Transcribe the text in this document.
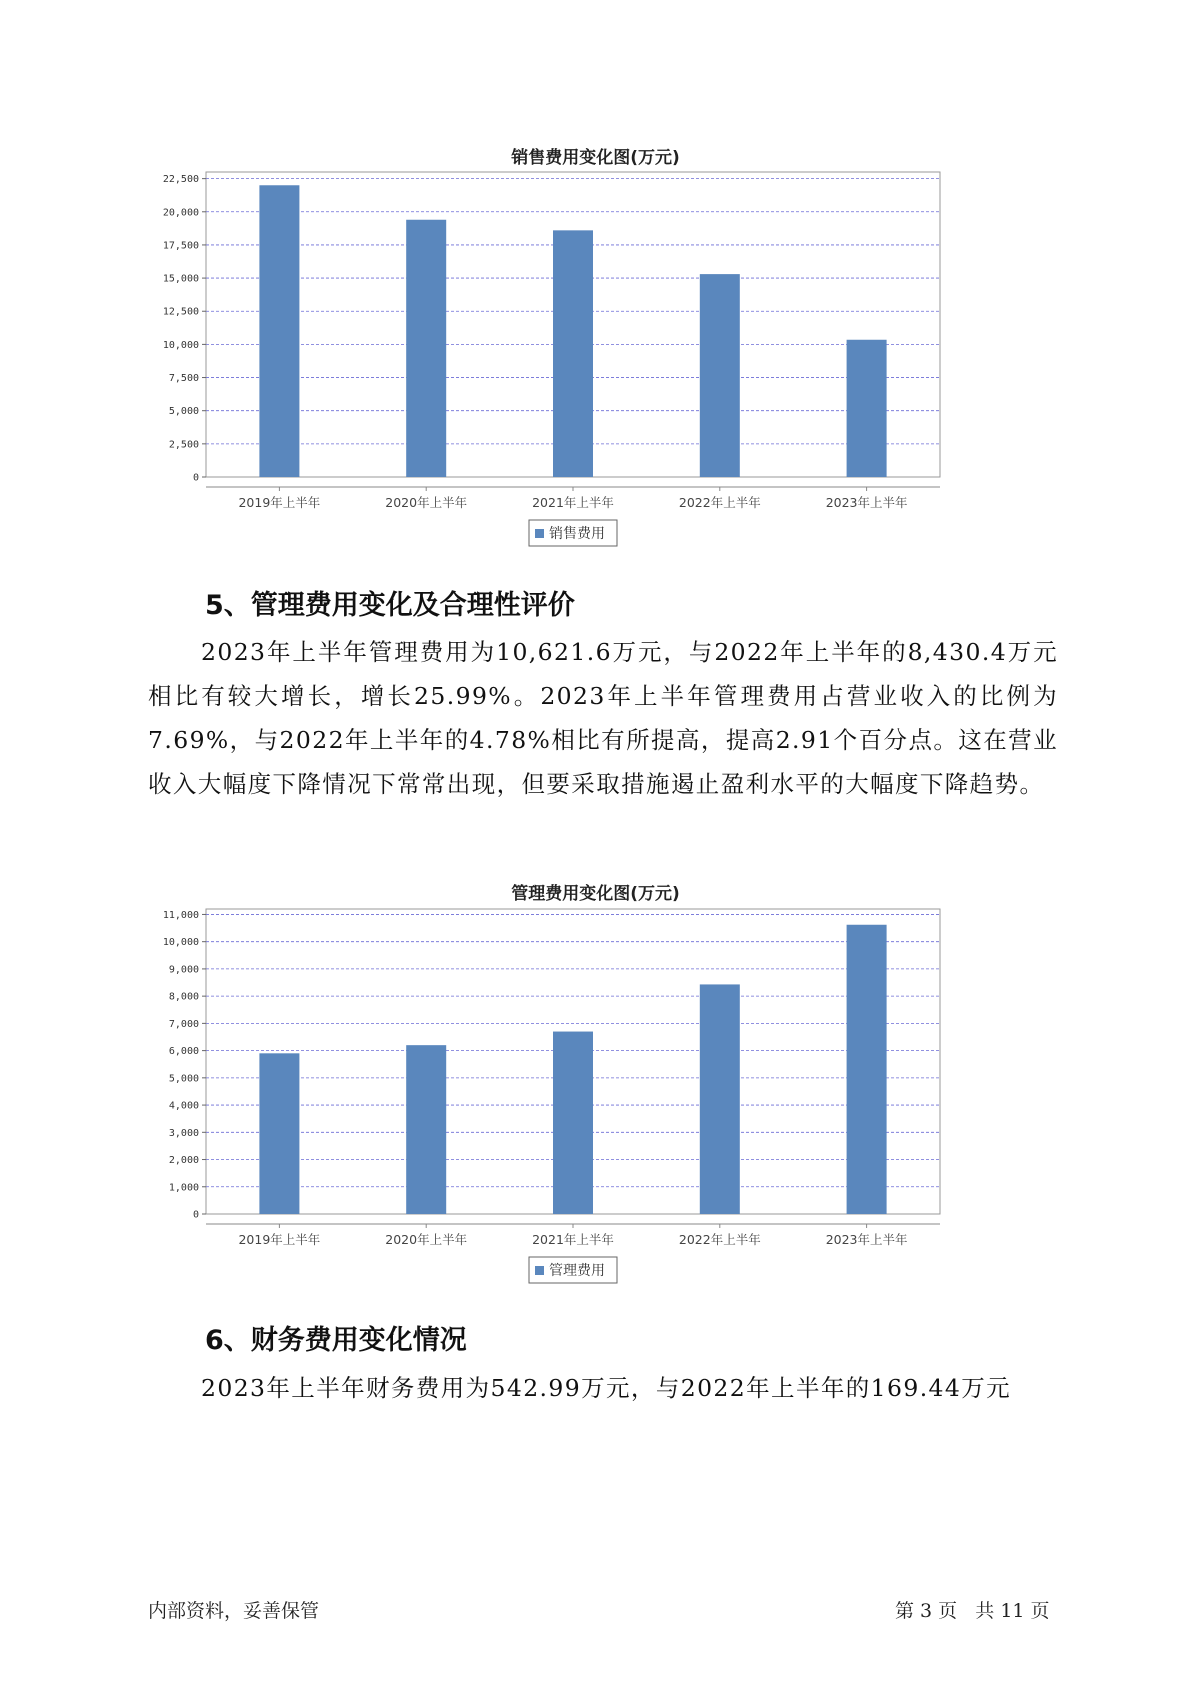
销售费用变化图(万元)
22,500
20,000
17,500
15,000
12,500
10,000
7,500
5,000
2,500
0
2019年上半年	2020年上半年	2021年上半年	2022年上半年	2023年上半年
销售费用
5、管理费用变化及合理性评价
2023年上半年管理费用为10,621.6万元，与2022年上半年的8,430.4万元相比有较大增长，增长25.99%。2023年上半年管理费用占营业收入的比例为7.69%，与2022年上半年的4.78%相比有所提高，提高2.91个百分点。这在营业收入大幅度下降情况下常常出现，但要采取措施遏止盈利水平的大幅度下降趋势。
管理费用变化图(万元)
11,000
10,000
9,000
8,000
7,000
6,000
5,000
4,000
3,000
2,000
1,000
0
2019年上半年	2020年上半年	2021年上半年	2022年上半年	2023年上半年
管理费用
6、财务费用变化情况
2023年上半年财务费用为542.99万元，与2022年上半年的169.44万元
内部资料，妥善保管	第 3 页   共 11 页
